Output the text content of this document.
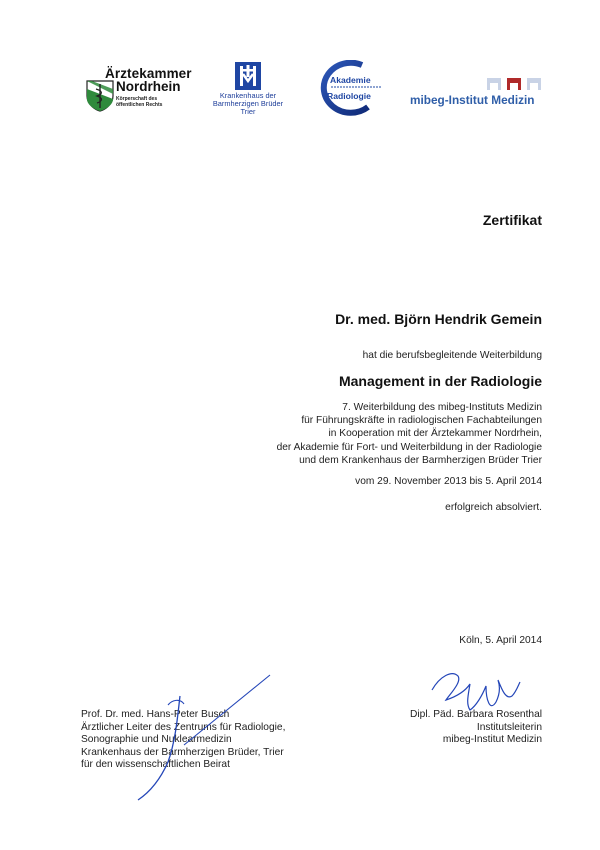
Ärztekammer
Nordrhein
Körperschaft des
öffentlichen Rechts
Krankenhaus der
Barmherzigen Brüder
Trier
Akademie
Radiologie	mibeg-Institut Medizin
Zertifikat
Dr. med. Björn Hendrik Gemein
hat die berufsbegleitende Weiterbildung
Management in der Radiologie
7. Weiterbildung des mibeg-Instituts Medizin
für Führungskräfte in radiologischen Fachabteilungen
in Kooperation mit der Ärztekammer Nordrhein,
der Akademie für Fort- und Weiterbildung in der Radiologie
und dem Krankenhaus der Barmherzigen Brüder Trier
vom 29. November 2013 bis 5. April 2014
erfolgreich absolviert.
Köln, 5. April 2014
Prof. Dr. med. Hans-Peter Busch
Ärztlicher Leiter des Zentrums für Radiologie,
Sonographie und Nuklearmedizin
Krankenhaus der Barmherzigen Brüder, Trier
für den wissenschaftlichen Beirat
Dipl. Päd. Barbara Rosenthal
Institutsleiterin
mibeg-Institut Medizin
